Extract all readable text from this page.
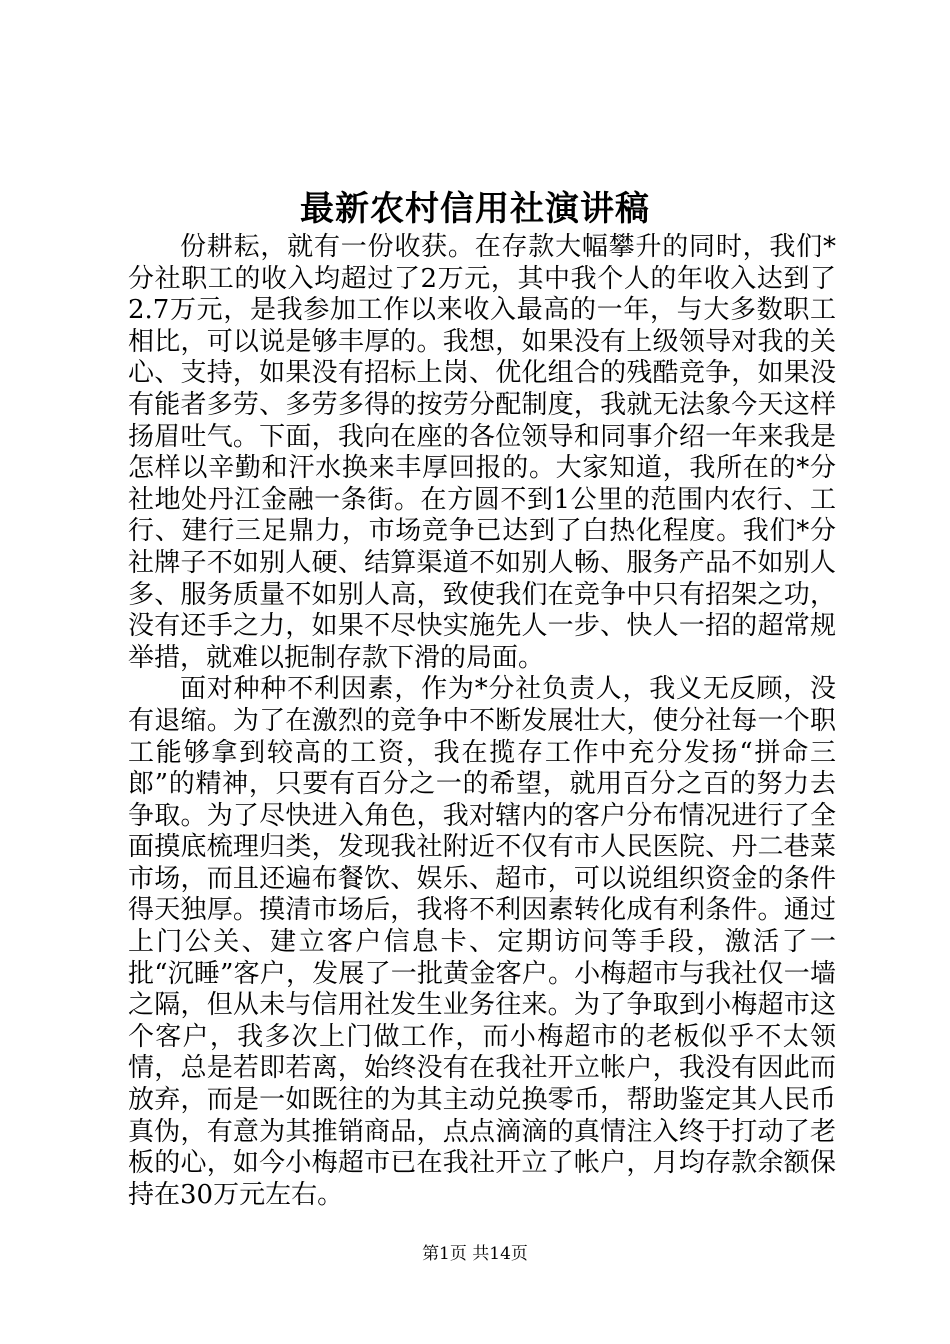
最新农村信用社演讲稿

份耕耘，就有一份收获。在存款大幅攀升的同时，我们*分社职工的收入均超过了2万元，其中我个人的年收入达到了2.7万元，是我参加工作以来收入最高的一年，与大多数职工相比，可以说是够丰厚的。我想，如果没有上级领导对我的关心、支持，如果没有招标上岗、优化组合的残酷竞争，如果没有能者多劳、多劳多得的按劳分配制度，我就无法象今天这样扬眉吐气。下面，我向在座的各位领导和同事介绍一年来我是怎样以辛勤和汗水换来丰厚回报的。大家知道，我所在的*分社地处丹江金融一条街。在方圆不到1公里的范围内农行、工行、建行三足鼎力，市场竞争已达到了白热化程度。我们*分社牌子不如别人硬、结算渠道不如别人畅、服务产品不如别人多、服务质量不如别人高，致使我们在竞争中只有招架之功，没有还手之力，如果不尽快实施先人一步、快人一招的超常规举措，就难以扼制存款下滑的局面。

面对种种不利因素，作为*分社负责人，我义无反顾，没有退缩。为了在激烈的竞争中不断发展壮大，使分社每一个职工能够拿到较高的工资，我在揽存工作中充分发扬“拼命三郎”的精神，只要有百分之一的希望，就用百分之百的努力去争取。为了尽快进入角色，我对辖内的客户分布情况进行了全面摸底梳理归类，发现我社附近不仅有市人民医院、丹二巷菜市场，而且还遍布餐饮、娱乐、超市，可以说组织资金的条件得天独厚。摸清市场后，我将不利因素转化成有利条件。通过上门公关、建立客户信息卡、定期访问等手段，激活了一批“沉睡”客户，发展了一批黄金客户。小梅超市与我社仅一墙之隔，但从未与信用社发生业务往来。为了争取到小梅超市这个客户，我多次上门做工作，而小梅超市的老板似乎不太领情，总是若即若离，始终没有在我社开立帐户，我没有因此而放弃，而是一如既往的为其主动兑换零币，帮助鉴定其人民币真伪，有意为其推销商品，点点滴滴的真情注入终于打动了老板的心，如今小梅超市已在我社开立了帐户，月均存款余额保持在30万元左右。

第1页 共14页
